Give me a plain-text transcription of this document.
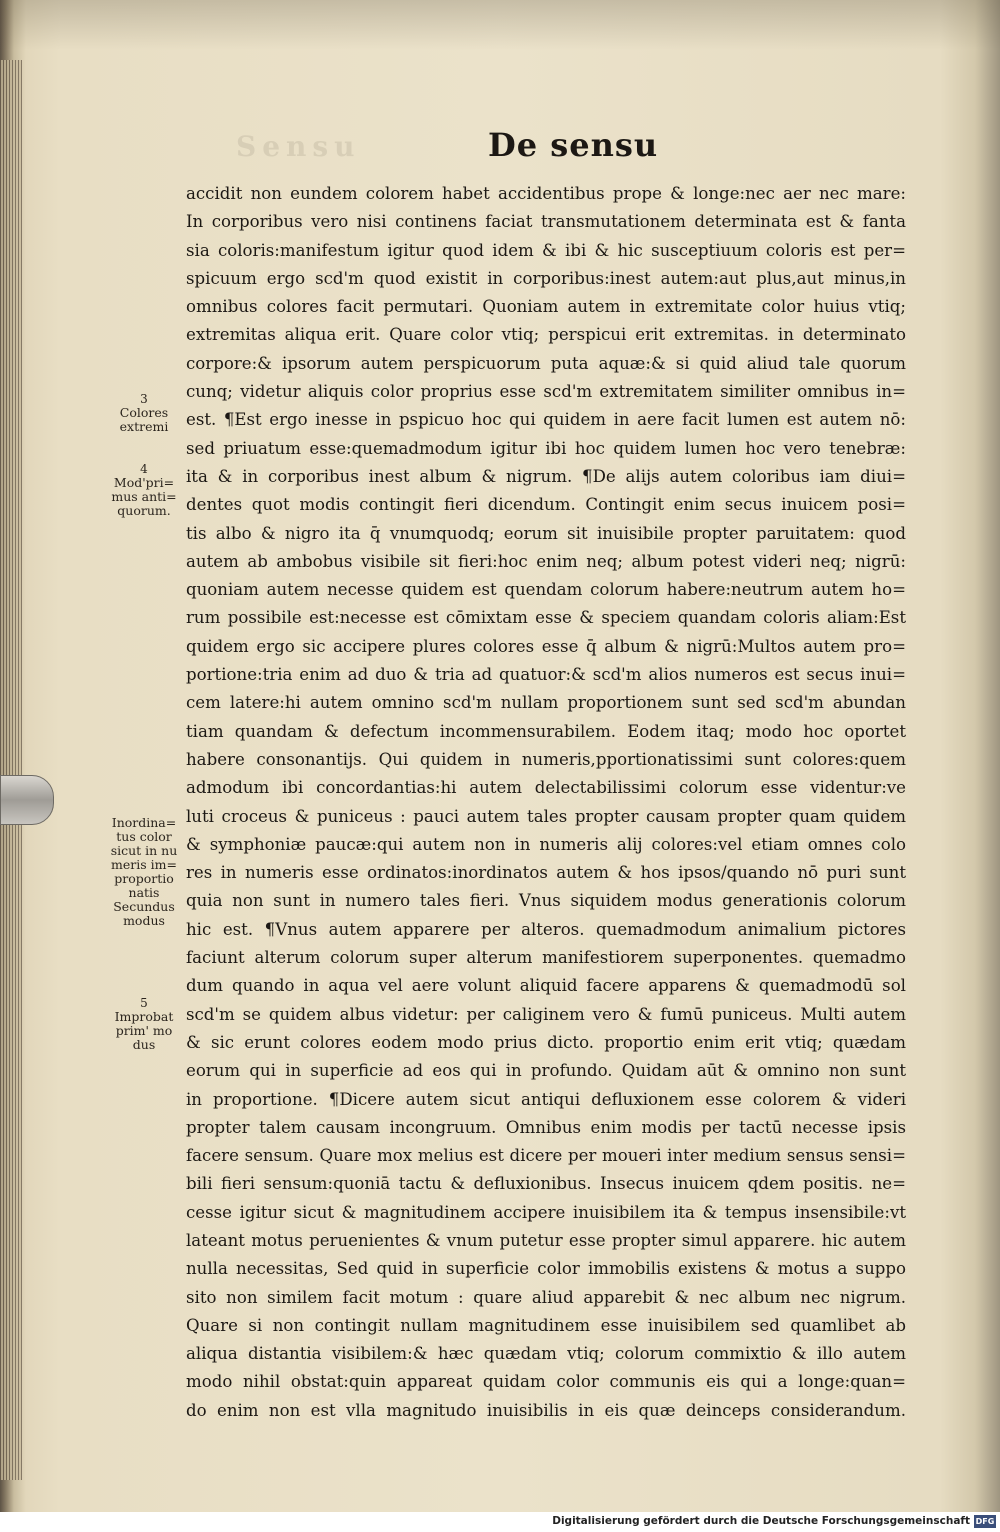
Sensu	De sensu
3
Colores
extremi
4
Mod'pri=
mus anti=
quorum.
Inordina=
tus color
sicut in nu
meris im=
proportio
natis
Secundus
modus
5
Improbat
prim' mo
dus
accidit non eundem colorem habet accidentibus prope & longe:nec aer nec mare:
In corporibus vero nisi continens faciat transmutationem determinata est & fanta
sia coloris:manifestum igitur quod idem & ibi & hic susceptiuum coloris est per=
spicuum ergo scd'm quod existit in corporibus:inest autem:aut plus,aut minus,in
omnibus colores facit permutari. Quoniam autem in extremitate color huius vtiq;
extremitas aliqua erit. Quare color vtiq; perspicui erit extremitas. in determinato
corpore:& ipsorum autem perspicuorum puta aquæ:& si quid aliud tale quorum
cunq; videtur aliquis color proprius esse scd'm extremitatem similiter omnibus in=
est. ¶Est ergo inesse in pspicuo hoc qui quidem in aere facit lumen est autem nō:
sed priuatum esse:quemadmodum igitur ibi hoc quidem lumen hoc vero tenebræ:
ita & in corporibus inest album & nigrum. ¶De alijs autem coloribus iam diui=
dentes quot modis contingit fieri dicendum. Contingit enim secus inuicem posi=
tis albo & nigro ita q̄ vnumquodq; eorum sit inuisibile propter paruitatem: quod
autem ab ambobus visibile sit fieri:hoc enim neq; album potest videri neq; nigrū:
quoniam autem necesse quidem est quendam colorum habere:neutrum autem ho=
rum possibile est:necesse est cōmixtam esse & speciem quandam coloris aliam:Est
quidem ergo sic accipere plures colores esse q̄ album & nigrū:Multos autem pro=
portione:tria enim ad duo & tria ad quatuor:& scd'm alios numeros est secus inui=
cem latere:hi autem omnino scd'm nullam proportionem sunt sed scd'm abundan
tiam quandam & defectum incommensurabilem. Eodem itaq; modo hoc oportet
habere consonantijs. Qui quidem in numeris,pportionatissimi sunt colores:quem
admodum ibi concordantias:hi autem delectabilissimi colorum esse videntur:ve
luti croceus & puniceus : pauci autem tales propter causam propter quam quidem
& symphoniæ paucæ:qui autem non in numeris alij colores:vel etiam omnes colo
res in numeris esse ordinatos:inordinatos autem & hos ipsos/quando nō puri sunt
quia non sunt in numero tales fieri. Vnus siquidem modus generationis colorum
hic est. ¶Vnus autem apparere per alteros. quemadmodum animalium pictores
faciunt alterum colorum super alterum manifestiorem superponentes. quemadmo
dum quando in aqua vel aere volunt aliquid facere apparens & quemadmodū sol
scd'm se quidem albus videtur: per caliginem vero & fumū puniceus. Multi autem
& sic erunt colores eodem modo prius dicto. proportio enim erit vtiq; quædam
eorum qui in superficie ad eos qui in profundo. Quidam aūt & omnino non sunt
in proportione. ¶Dicere autem sicut antiqui defluxionem esse colorem & videri
propter talem causam incongruum. Omnibus enim modis per tactū necesse ipsis
facere sensum. Quare mox melius est dicere per moueri inter medium sensus sensi=
bili fieri sensum:quoniā tactu & defluxionibus. Insecus inuicem qdem positis. ne=
cesse igitur sicut & magnitudinem accipere inuisibilem ita & tempus insensibile:vt
lateant motus peruenientes & vnum putetur esse propter simul apparere. hic autem
nulla necessitas, Sed quid in superficie color immobilis existens & motus a suppo
sito non similem facit motum : quare aliud apparebit & nec album nec nigrum.
Quare si non contingit nullam magnitudinem esse inuisibilem sed quamlibet ab
aliqua distantia visibilem:& hæc quædam vtiq; colorum commixtio & illo autem
modo nihil obstat:quin appareat quidam color communis eis qui a longe:quan=
do enim non est vlla magnitudo inuisibilis in eis quæ deinceps considerandum.
Digitalisierung gefördert durch die Deutsche Forschungsgemeinschaft DFG
